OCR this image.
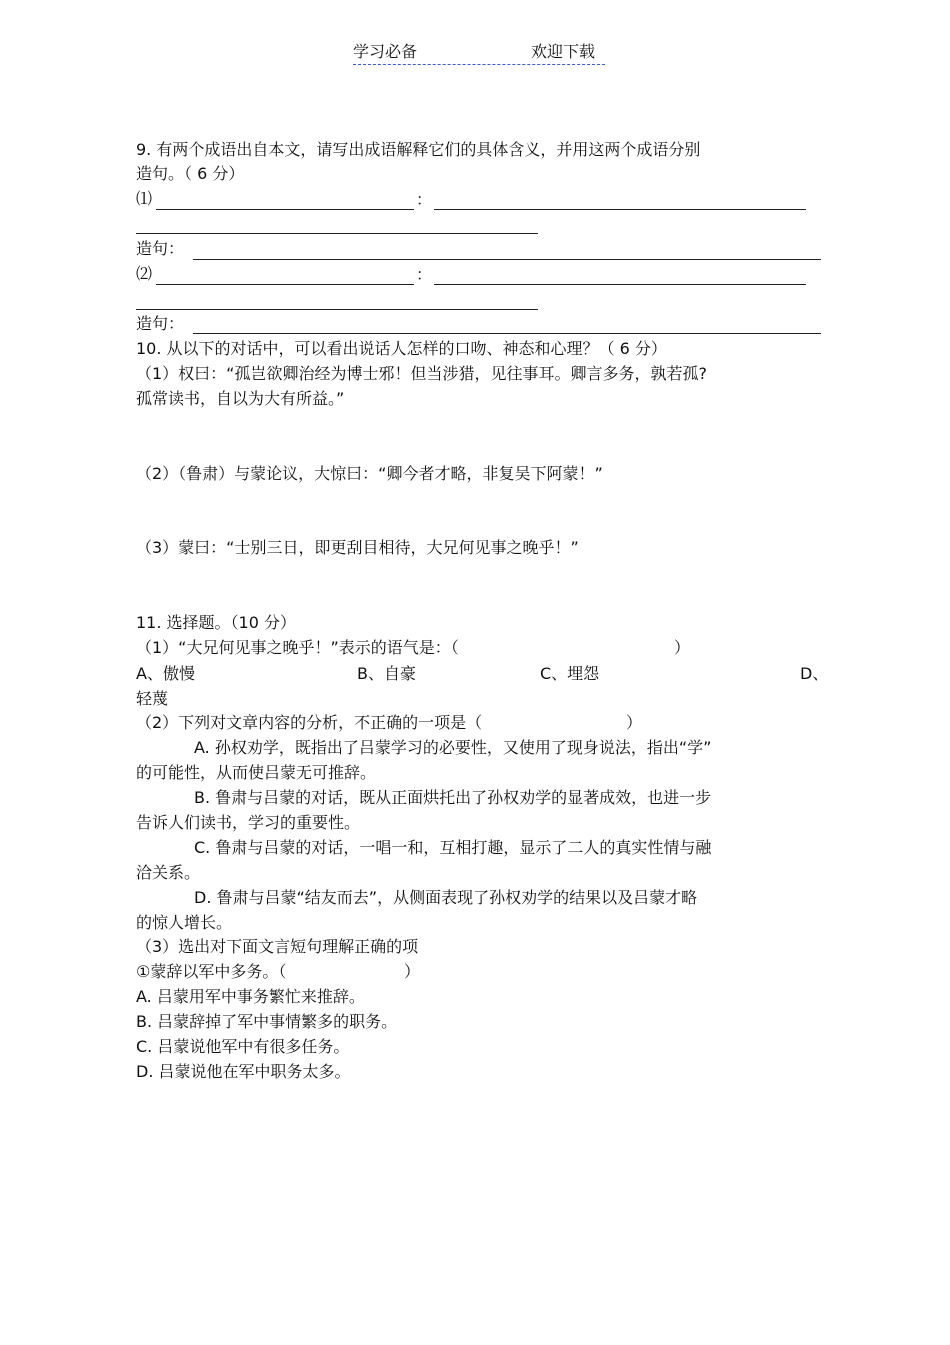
学习必备	欢迎下载
9. 有两个成语出自本文，请写出成语解释它们的具体含义，并用这两个成语分别
造句。（ 6 分）
⑴	：
造句：
⑵	：
造句：
10. 从以下的对话中，可以看出说话人怎样的口吻、神态和心理？（ 6 分）
（1）权曰：“孤岂欲卿治经为博士邪！但当涉猎，见往事耳。卿言多务，孰若孤?
孤常读书，自以为大有所益。”
（2）（鲁肃）与蒙论议，大惊曰：“卿今者才略，非复吴下阿蒙！”
（3）蒙曰：“士别三日，即更刮目相待，大兄何见事之晚乎！”
11. 选择题。（10 分）
（1）“大兄何见事之晚乎！”表示的语气是：（	）
A、傲慢	B、自豪	C、埋怨	D、
轻蔑
（2）下列对文章内容的分析，不正确的一项是（	）
A. 孙权劝学，既指出了吕蒙学习的必要性，又使用了现身说法，指出“学”
的可能性，从而使吕蒙无可推辞。
B. 鲁肃与吕蒙的对话，既从正面烘托出了孙权劝学的显著成效，也进一步
告诉人们读书，学习的重要性。
C. 鲁肃与吕蒙的对话，一唱一和，互相打趣，显示了二人的真实性情与融
洽关系。
D. 鲁肃与吕蒙“结友而去”，从侧面表现了孙权劝学的结果以及吕蒙才略
的惊人增长。
（3）选出对下面文言短句理解正确的项
①蒙辞以军中多务。（	）
A. 吕蒙用军中事务繁忙来推辞。
B. 吕蒙辞掉了军中事情繁多的职务。
C. 吕蒙说他军中有很多任务。
D. 吕蒙说他在军中职务太多。
